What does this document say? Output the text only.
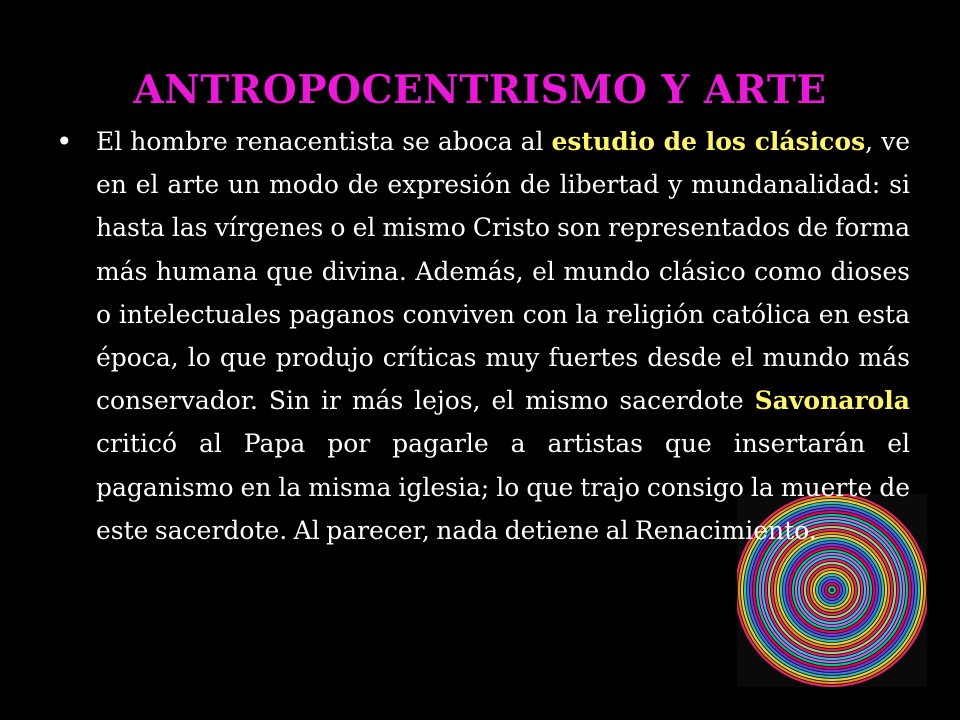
ANTROPOCENTRISMO Y ARTE
• El hombre renacentista se aboca al estudio de los clásicos, ve en el arte un modo de expresión de libertad y mundanalidad: si hasta las vírgenes o el mismo Cristo son representados de forma más humana que divina. Además, el mundo clásico como dioses o intelectuales paganos conviven con la religión católica en esta época, lo que produjo críticas muy fuertes desde el mundo más conservador. Sin ir más lejos, el mismo sacerdote Savonarola criticó al Papa por pagarle a artistas que insertarán el paganismo en la misma iglesia; lo que trajo consigo la muerte de este sacerdote. Al parecer, nada detiene al Renacimiento.
